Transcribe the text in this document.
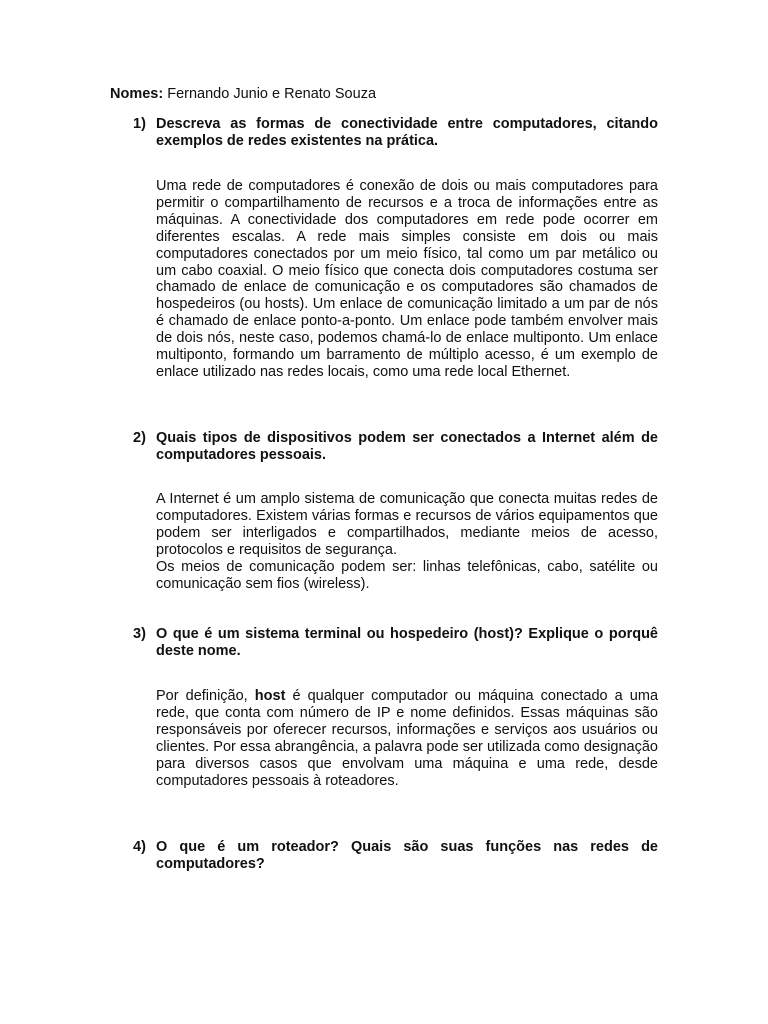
Nomes: Fernando Junio e Renato Souza
1) Descreva as formas de conectividade entre computadores, citando exemplos de redes existentes na prática.

Uma rede de computadores é conexão de dois ou mais computadores para permitir o compartilhamento de recursos e a troca de informações entre as máquinas. A conectividade dos computadores em rede pode ocorrer em diferentes escalas. A rede mais simples consiste em dois ou mais computadores conectados por um meio físico, tal como um par metálico ou um cabo coaxial. O meio físico que conecta dois computadores costuma ser chamado de enlace de comunicação e os computadores são chamados de hospedeiros (ou hosts). Um enlace de comunicação limitado a um par de nós é chamado de enlace ponto-a-ponto. Um enlace pode também envolver mais de dois nós, neste caso, podemos chamá-lo de enlace multiponto. Um enlace multiponto, formando um barramento de múltiplo acesso, é um exemplo de enlace utilizado nas redes locais, como uma rede local Ethernet.

2) Quais tipos de dispositivos podem ser conectados a Internet além de computadores pessoais.

A Internet é um amplo sistema de comunicação que conecta muitas redes de computadores. Existem várias formas e recursos de vários equipamentos que podem ser interligados e compartilhados, mediante meios de acesso, protocolos e requisitos de segurança.

Os meios de comunicação podem ser: linhas telefônicas, cabo, satélite ou comunicação sem fios (wireless).

3) O que é um sistema terminal ou hospedeiro (host)? Explique o porquê deste nome.

Por definição, host é qualquer computador ou máquina conectado a uma rede, que conta com número de IP e nome definidos. Essas máquinas são responsáveis por oferecer recursos, informações e serviços aos usuários ou clientes. Por essa abrangência, a palavra pode ser utilizada como designação para diversos casos que envolvam uma máquina e uma rede, desde computadores pessoais à roteadores.

4) O que é um roteador? Quais são suas funções nas redes de computadores?
